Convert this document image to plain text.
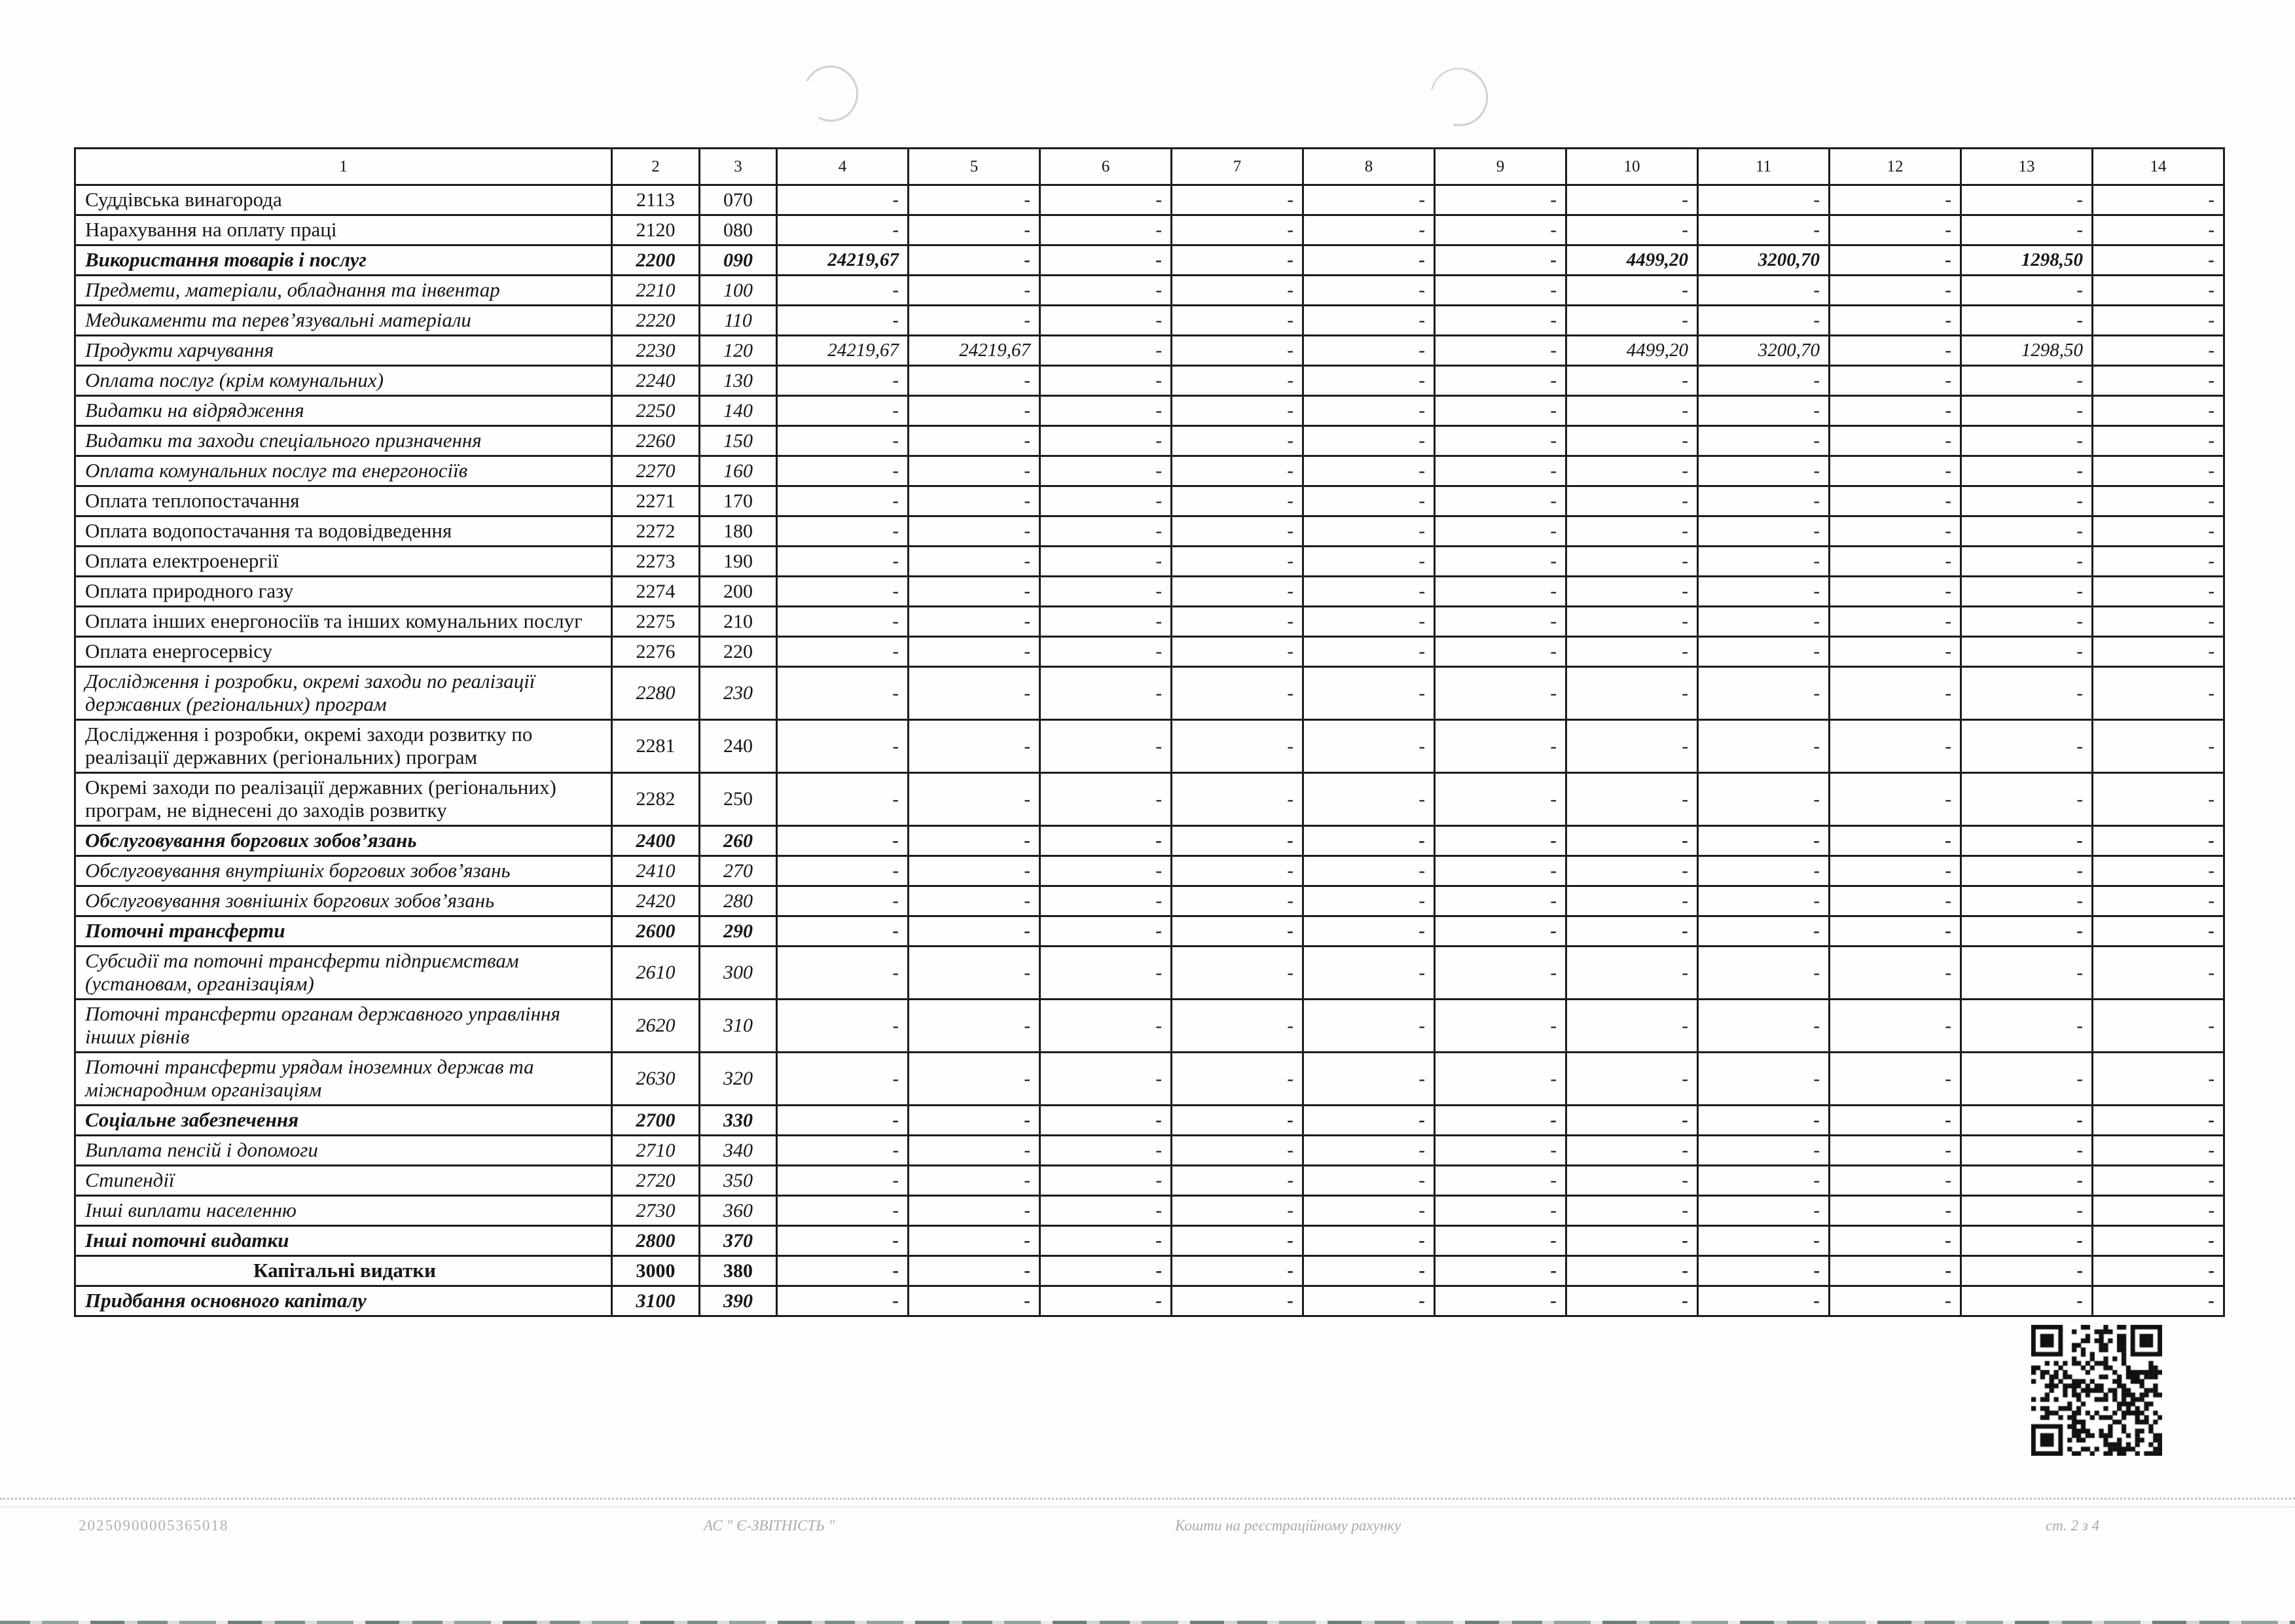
1	2	3	4	5	6	7	8	9	10	11	12	13	14
Суддівська винагорода	2113	070	-	-	-	-	-	-	-	-	-	-	-
Нарахування на оплату праці	2120	080	-	-	-	-	-	-	-	-	-	-	-
Використання товарів і послуг	2200	090	24219,67	-	-	-	-	-	4499,20	3200,70	-	1298,50	-
Предмети, матеріали, обладнання та інвентар	2210	100	-	-	-	-	-	-	-	-	-	-	-
Медикаменти та перев’язувальні матеріали	2220	110	-	-	-	-	-	-	-	-	-	-	-
Продукти харчування	2230	120	24219,67	24219,67	-	-	-	-	4499,20	3200,70	-	1298,50	-
Оплата послуг (крім комунальних)	2240	130	-	-	-	-	-	-	-	-	-	-	-
Видатки на відрядження	2250	140	-	-	-	-	-	-	-	-	-	-	-
Видатки та заходи спеціального призначення	2260	150	-	-	-	-	-	-	-	-	-	-	-
Оплата комунальних послуг та енергоносіїв	2270	160	-	-	-	-	-	-	-	-	-	-	-
Оплата теплопостачання	2271	170	-	-	-	-	-	-	-	-	-	-	-
Оплата водопостачання та водовідведення	2272	180	-	-	-	-	-	-	-	-	-	-	-
Оплата електроенергії	2273	190	-	-	-	-	-	-	-	-	-	-	-
Оплата природного газу	2274	200	-	-	-	-	-	-	-	-	-	-	-
Оплата інших енергоносіїв та інших комунальних послуг	2275	210	-	-	-	-	-	-	-	-	-	-	-
Оплата енергосервісу	2276	220	-	-	-	-	-	-	-	-	-	-	-
Дослідження і розробки, окремі заходи по реалізації державних (регіональних) програм	2280	230	-	-	-	-	-	-	-	-	-	-	-
Дослідження і розробки, окремі заходи розвитку по реалізації державних (регіональних) програм	2281	240	-	-	-	-	-	-	-	-	-	-	-
Окремі заходи по реалізації державних (регіональних) програм, не віднесені до заходів розвитку	2282	250	-	-	-	-	-	-	-	-	-	-	-
Обслуговування боргових зобов’язань	2400	260	-	-	-	-	-	-	-	-	-	-	-
Обслуговування внутрішніх боргових зобов’язань	2410	270	-	-	-	-	-	-	-	-	-	-	-
Обслуговування зовнішніх боргових зобов’язань	2420	280	-	-	-	-	-	-	-	-	-	-	-
Поточні трансферти	2600	290	-	-	-	-	-	-	-	-	-	-	-
Субсидії та поточні трансферти підприємствам (установам, організаціям)	2610	300	-	-	-	-	-	-	-	-	-	-	-
Поточні трансферти органам державного управління інших рівнів	2620	310	-	-	-	-	-	-	-	-	-	-	-
Поточні трансферти урядам іноземних держав та міжнародним організаціям	2630	320	-	-	-	-	-	-	-	-	-	-	-
Соціальне забезпечення	2700	330	-	-	-	-	-	-	-	-	-	-	-
Виплата пенсій і допомоги	2710	340	-	-	-	-	-	-	-	-	-	-	-
Стипендії	2720	350	-	-	-	-	-	-	-	-	-	-	-
Інші виплати населенню	2730	360	-	-	-	-	-	-	-	-	-	-	-
Інші поточні видатки	2800	370	-	-	-	-	-	-	-	-	-	-	-
Капітальні видатки	3000	380	-	-	-	-	-	-	-	-	-	-	-
Придбання основного капіталу	3100	390	-	-	-	-	-	-	-	-	-	-	-
20250900005365018	АС " Є-ЗВІТНІСТЬ "	Кошти на реєстраційному рахунку	ст. 2 з 4
